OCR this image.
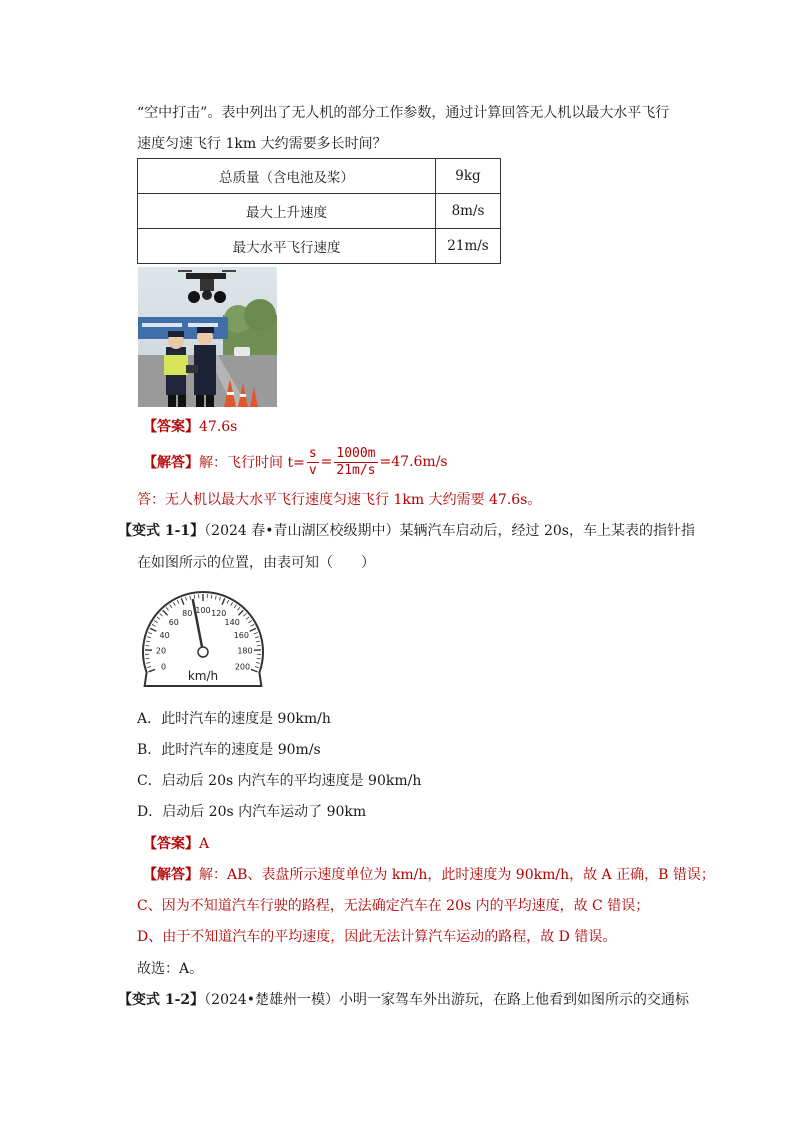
“空中打击”。表中列出了无人机的部分工作参数，通过计算回答无人机以最大水平飞行
速度匀速飞行 1km 大约需要多长时间？
总质量（含电池及桨）	9kg
最大上升速度	8m/s
最大水平飞行速度	21m/s
【答案】47.6s
【解答】 解：飞行时间 $t= \frac{s}{v} = \frac{1000m}{21m/s} =47.6m/s$
答：无人机以最大水平飞行速度匀速飞行 1km 大约需要 47.6s。
【变式 1-1】（2024 春•青山湖区校级期中）某辆汽车启动后，经过 20s，车上某表的指针指
在如图所示的位置，由表可知（　　）
0
20
40
60
80 100 120
140
160
180
200
km/h
A．此时汽车的速度是 90km/h
B．此时汽车的速度是 90m/s
C．启动后 20s 内汽车的平均速度是 90km/h
D．启动后 20s 内汽车运动了 90km
【答案】A
【解答】解：AB、表盘所示速度单位为 km/h，此时速度为 90km/h，故 A 正确，B 错误；
C、因为不知道汽车行驶的路程，无法确定汽车在 20s 内的平均速度，故 C 错误；
D、由于不知道汽车的平均速度，因此无法计算汽车运动的路程，故 D 错误。
故选：A。
【变式 1-2】（2024•楚雄州一模）小明一家驾车外出游玩，在路上他看到如图所示的交通标
